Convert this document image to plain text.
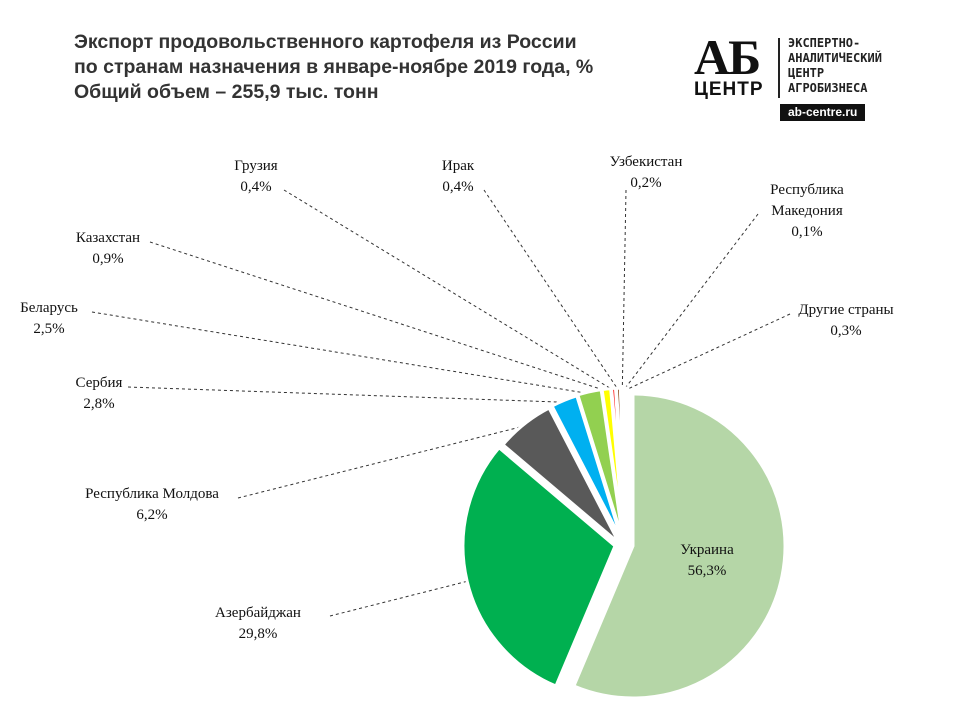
Экспорт продовольственного картофеля из России
по странам назначения в январе-ноябре 2019 года, %
Общий объем – 255,9 тыс. тонн
АБ
ЦЕНТР
ЭКСПЕРТНО-
АНАЛИТИЧЕСКИЙ
ЦЕНТР
АГРОБИЗНЕСА
ab-centre.ru
Украина
56,3%
Азербайджан
29,8%
Республика Молдова
6,2%
Сербия
2,8%
Беларусь
2,5%
Казахстан
0,9%
Грузия
0,4%
Ирак
0,4%
Узбекистан
0,2%	Республика
Македония
0,1%
Другие страны
0,3%
